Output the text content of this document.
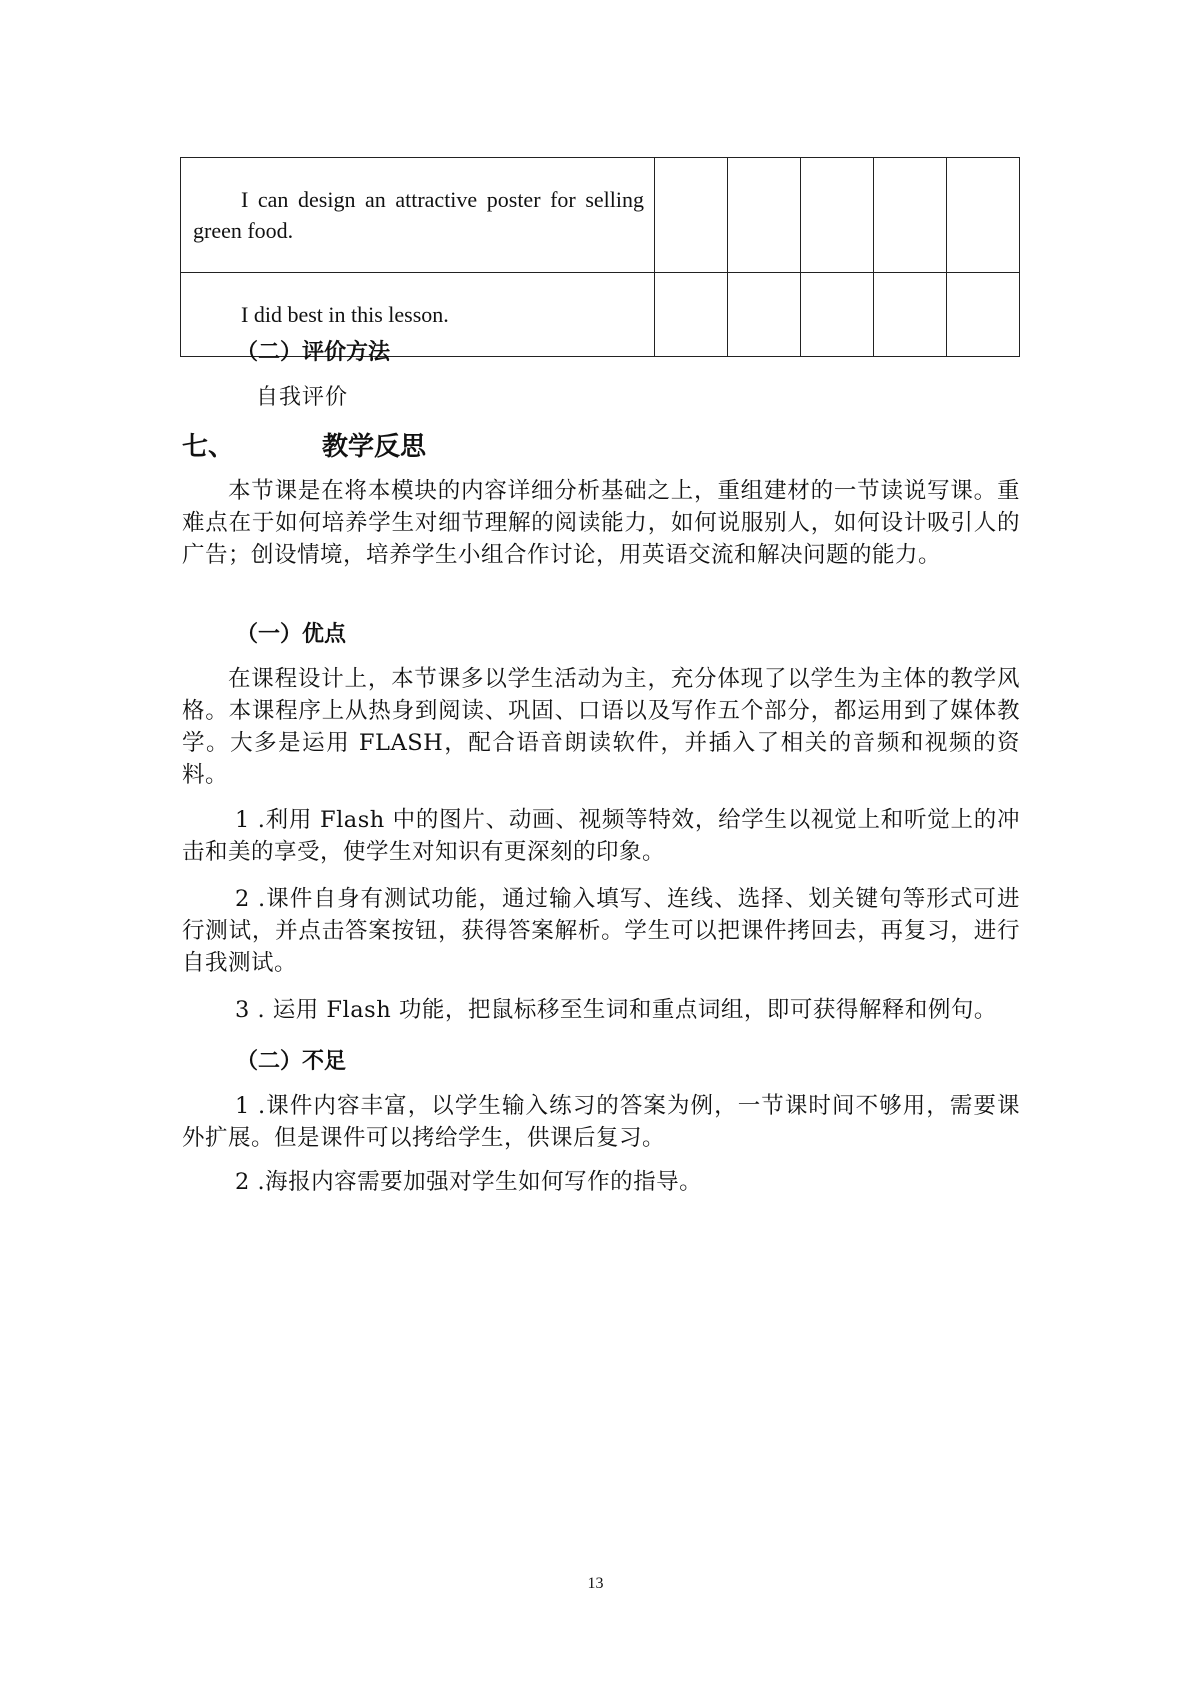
I can design an attractive poster for selling green food.					

I did best in this lesson.					
（二）评价方法
自我评价
七、	教学反思

本节课是在将本模块的内容详细分析基础之上，重组建材的一节读说写课。重难点在于如何培养学生对细节理解的阅读能力，如何说服别人，如何设计吸引人的广告；创设情境，培养学生小组合作讨论，用英语交流和解决问题的能力。

（一）优点

在课程设计上，本节课多以学生活动为主，充分体现了以学生为主体的教学风格。本课程序上从热身到阅读、巩固、口语以及写作五个部分，都运用到了媒体教学。大多是运用 FLASH，配合语音朗读软件，并插入了相关的音频和视频的资料。

1 .利用 Flash 中的图片、动画、视频等特效，给学生以视觉上和听觉上的冲击和美的享受，使学生对知识有更深刻的印象。

2 .课件自身有测试功能，通过输入填写、连线、选择、划关键句等形式可进行测试，并点击答案按钮，获得答案解析。学生可以把课件拷回去，再复习，进行自我测试。

3 . 运用 Flash 功能，把鼠标移至生词和重点词组，即可获得解释和例句。

（二）不足

1 .课件内容丰富，以学生输入练习的答案为例，一节课时间不够用，需要课外扩展。但是课件可以拷给学生，供课后复习。

2 .海报内容需要加强对学生如何写作的指导。

13
